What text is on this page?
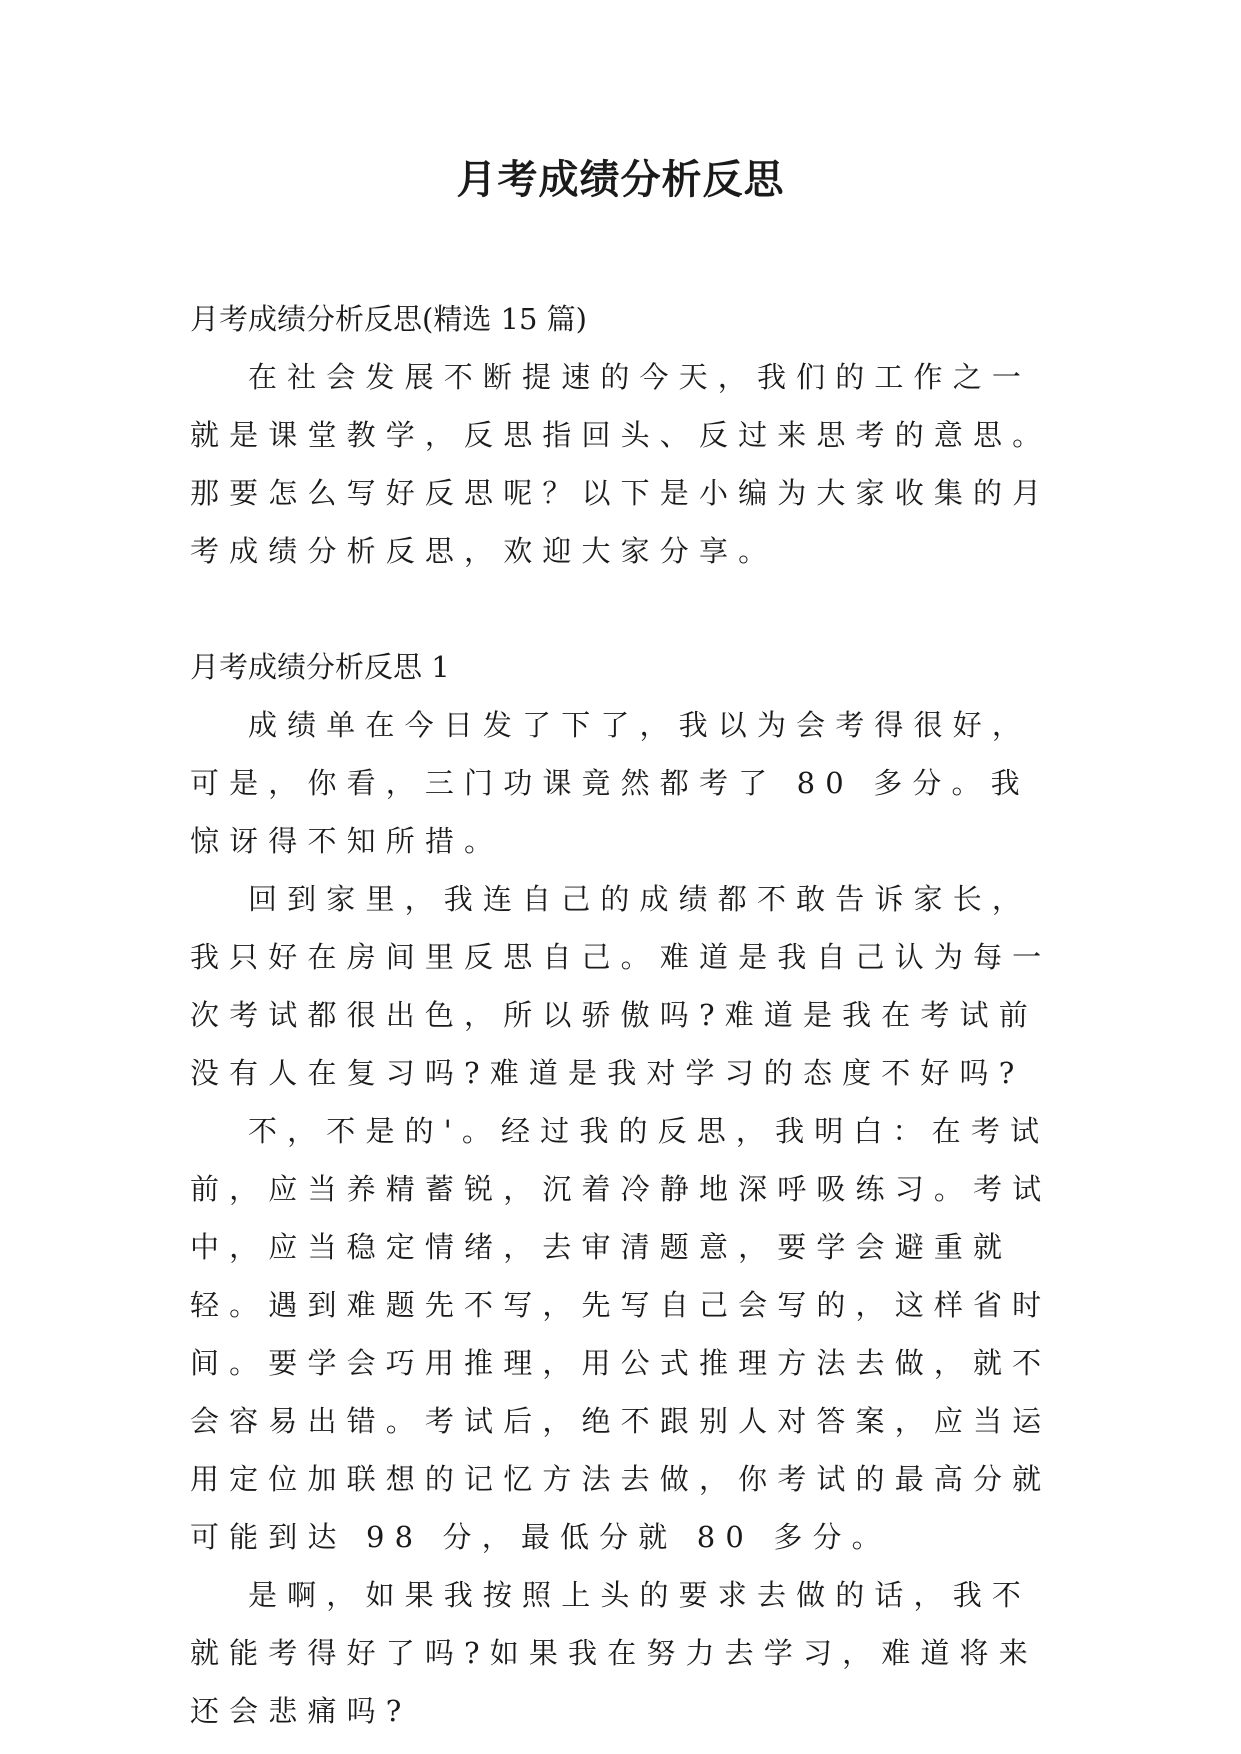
月考成绩分析反思

月考成绩分析反思(精选 15 篇)

在社会发展不断提速的今天，我们的工作之一就是课堂教学，反思指回头、反过来思考的意思。那要怎么写好反思呢？以下是小编为大家收集的月考成绩分析反思，欢迎大家分享。

月考成绩分析反思 1

成绩单在今日发了下了，我以为会考得很好，可是，你看，三门功课竟然都考了 80 多分。我惊讶得不知所措。

回到家里，我连自己的成绩都不敢告诉家长，我只好在房间里反思自己。难道是我自己认为每一次考试都很出色，所以骄傲吗?难道是我在考试前没有人在复习吗?难道是我对学习的态度不好吗?

不，不是的'。经过我的反思，我明白：在考试前，应当养精蓄锐，沉着冷静地深呼吸练习。考试中，应当稳定情绪，去审清题意，要学会避重就轻。遇到难题先不写，先写自己会写的，这样省时间。要学会巧用推理，用公式推理方法去做，就不会容易出错。考试后，绝不跟别人对答案，应当运用定位加联想的记忆方法去做，你考试的最高分就可能到达 98 分，最低分就 80 多分。

是啊，如果我按照上头的要求去做的话，我不就能考得好了吗?如果我在努力去学习，难道将来还会悲痛吗?
